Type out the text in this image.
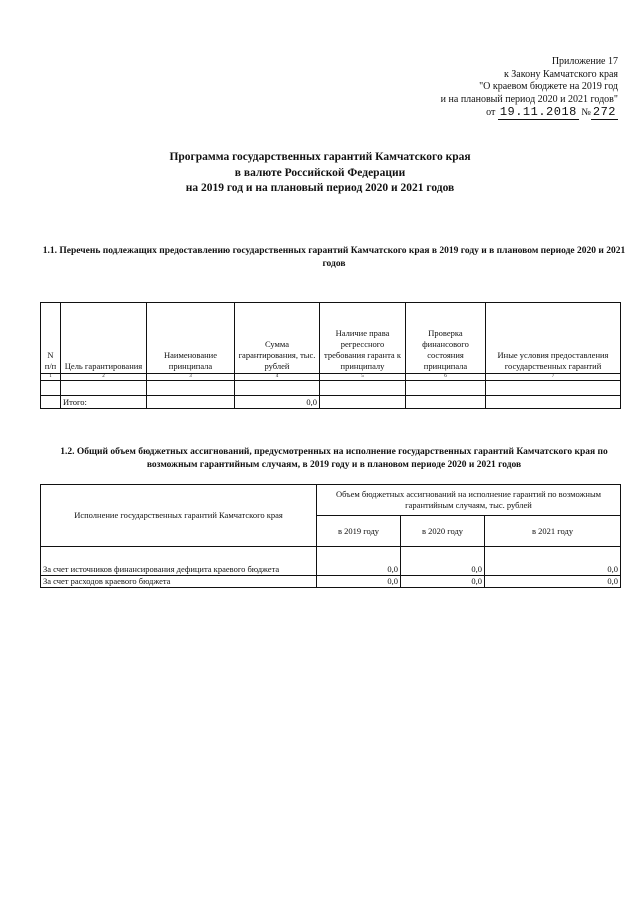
Приложение 17
к Закону Камчатского края
"О краевом бюджете на 2019 год
и на плановый период 2020 и 2021 годов"
от 19.11.2018 № 272
Программа государственных гарантий Камчатского края
в валюте Российской Федерации
на 2019 год и на плановый период 2020 и 2021 годов
1.1. Перечень подлежащих предоставлению государственных гарантий Камчатского края в 2019 году и в плановом периоде 2020 и 2021 годов
N п/п	Цель гарантирования	Наименование принципала	Сумма гарантирования, тыс. рублей	Наличие права регрессного требования гаранта к принципалу	Проверка финансового состояния принципала	Иные условия предоставления государственных гарантий
1	2	3	4	5	6	7

	Итого:		0,0			
1.2. Общий объем бюджетных ассигнований, предусмотренных на исполнение государственных гарантий Камчатского края по возможным гарантийным случаям, в 2019 году и в плановом периоде 2020 и 2021 годов
Исполнение государственных гарантий Камчатского края	Объем бюджетных ассигнований на исполнение гарантий по возможным гарантийным случаям, тыс. рублей		
	в 2019 году	в 2020 году	в 2021 году
За счет источников финансирования дефицита краевого бюджета	0,0	0,0	0,0
За счет расходов краевого бюджета	0,0	0,0	0,0
